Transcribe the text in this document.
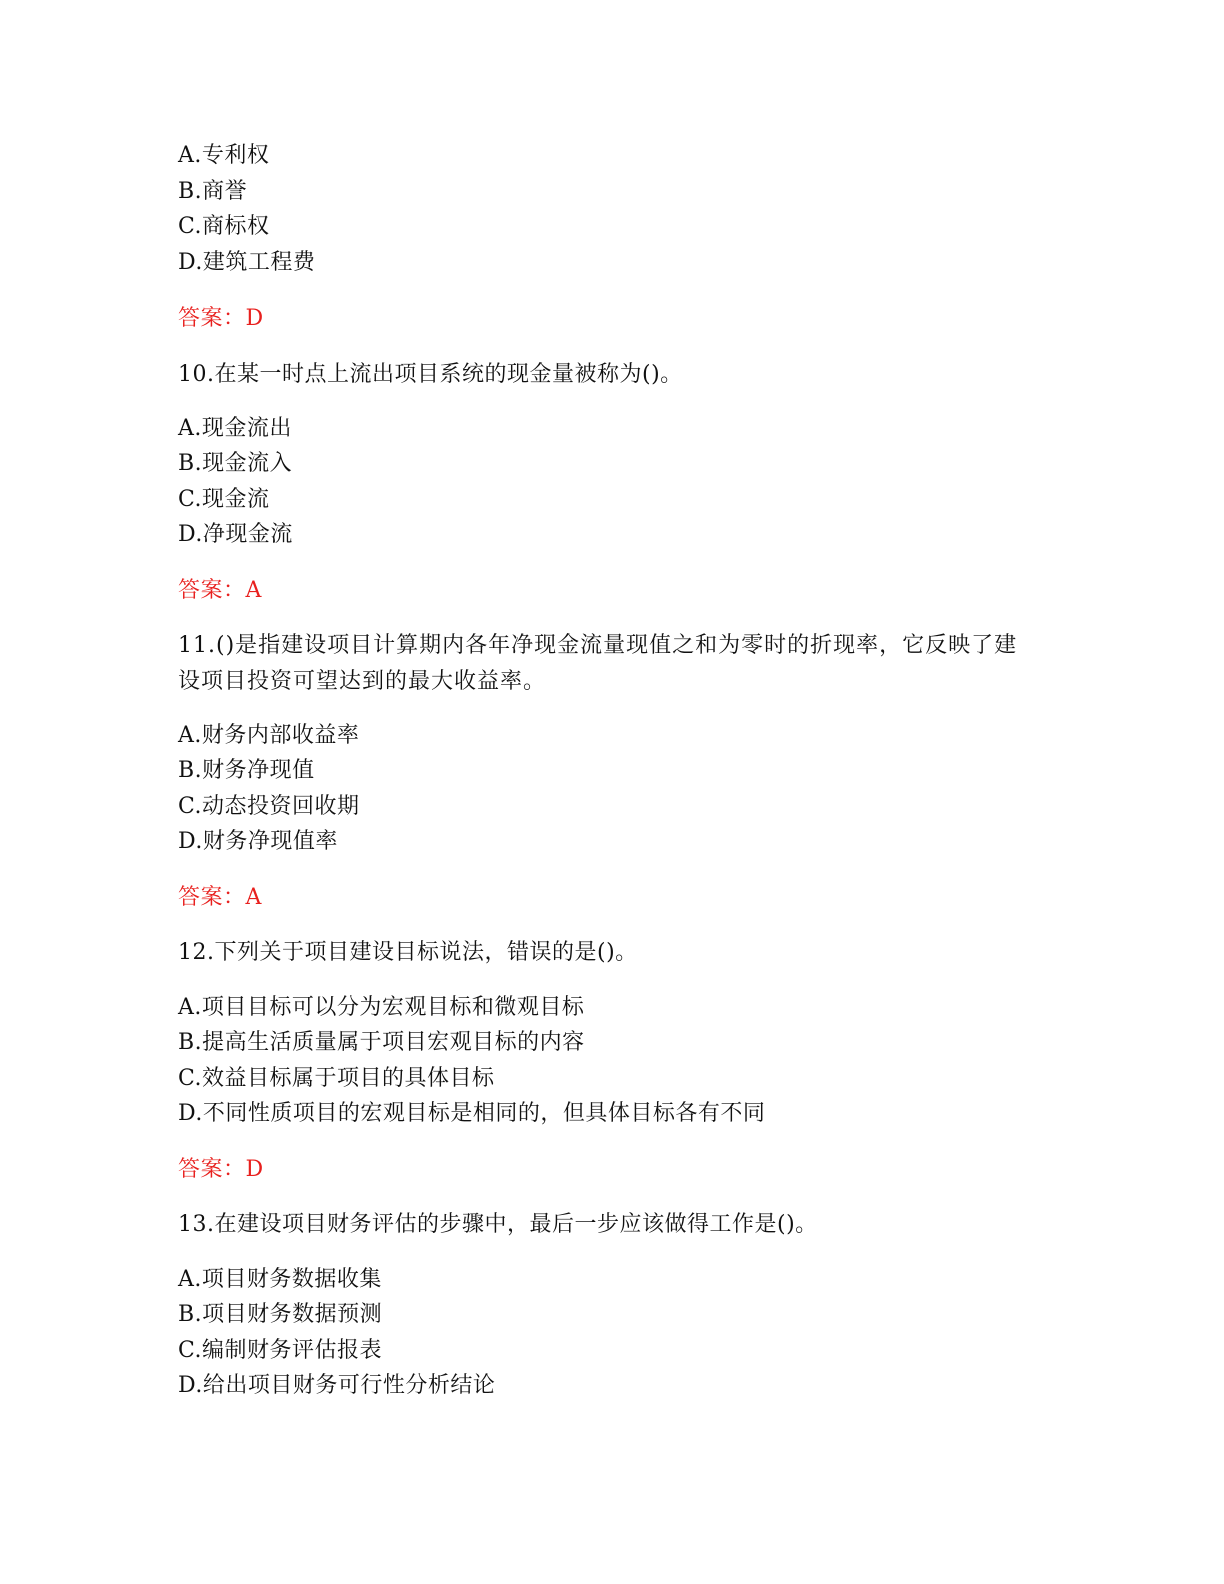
A.专利权
B.商誉
C.商标权
D.建筑工程费
答案：D
10.在某一时点上流出项目系统的现金量被称为()。
A.现金流出
B.现金流入
C.现金流
D.净现金流
答案：A
11.()是指建设项目计算期内各年净现金流量现值之和为零时的折现率，它反映了建设项目投资可望达到的最大收益率。
A.财务内部收益率
B.财务净现值
C.动态投资回收期
D.财务净现值率
答案：A
12.下列关于项目建设目标说法，错误的是()。
A.项目目标可以分为宏观目标和微观目标
B.提高生活质量属于项目宏观目标的内容
C.效益目标属于项目的具体目标
D.不同性质项目的宏观目标是相同的，但具体目标各有不同
答案：D
13.在建设项目财务评估的步骤中，最后一步应该做得工作是()。
A.项目财务数据收集
B.项目财务数据预测
C.编制财务评估报表
D.给出项目财务可行性分析结论
